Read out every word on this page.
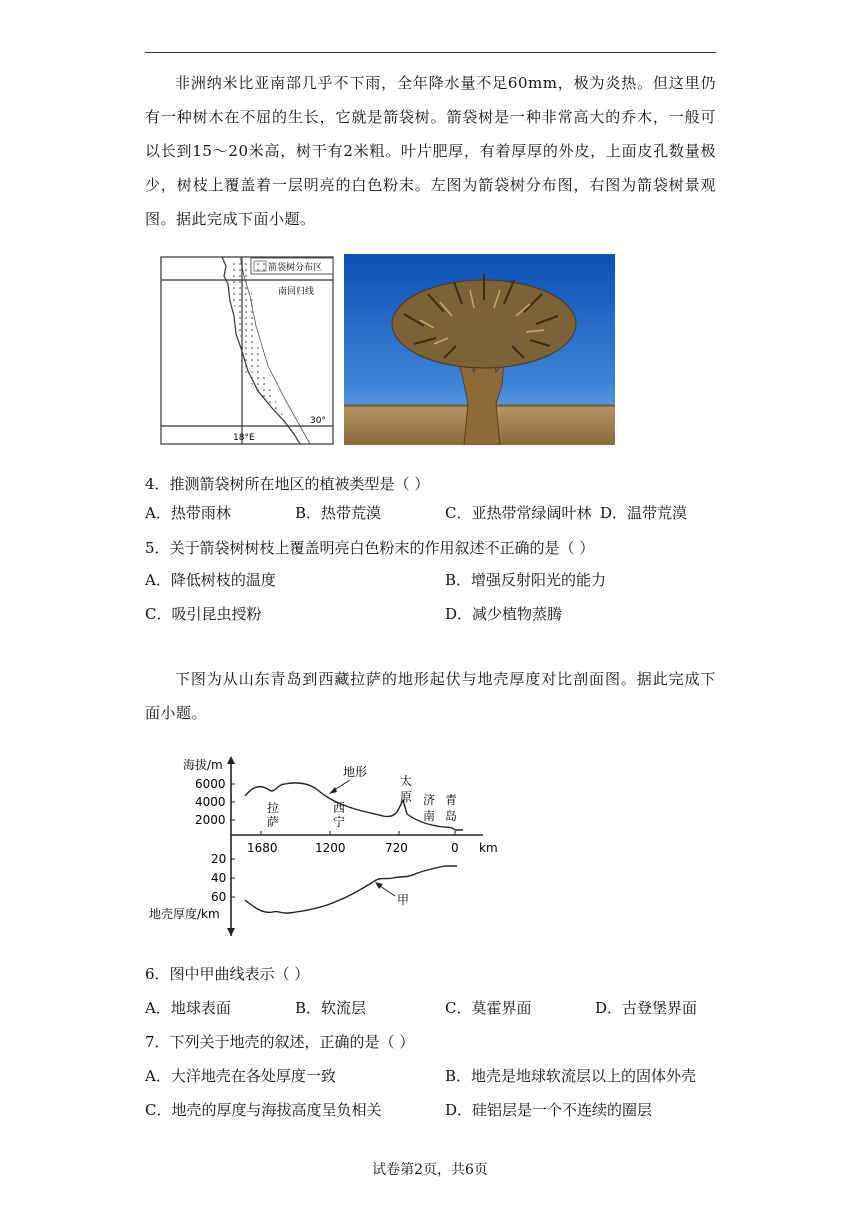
非洲纳米比亚南部几乎不下雨，全年降水量不足60mm，极为炎热。但这里仍有一种树木在不屈的生长，它就是箭袋树。箭袋树是一种非常高大的乔木，一般可以长到15～20米高，树干有2米粗。叶片肥厚，有着厚厚的外皮，上面皮孔数量极少，树枝上覆盖着一层明亮的白色粉末。左图为箭袋树分布图，右图为箭袋树景观图。据此完成下面小题。

箭袋树分布区
南回归线
30°
18°E
4．推测箭袋树所在地区的植被类型是（ ）
A．热带雨林	B．热带荒漠	C．亚热带常绿阔叶林 D．温带荒漠
5．关于箭袋树树枝上覆盖明亮白色粉末的作用叙述不正确的是（ ）
A．降低树枝的温度	B．增强反射阳光的能力
C．吸引昆虫授粉	D．减少植物蒸腾

下图为从山东青岛到西藏拉萨的地形起伏与地壳厚度对比剖面图。据此完成下面小题。

海拔/m
6000
4000
2000
1680	1200	720	0 km
20
40
60
地壳厚度/km
地形
甲
拉
萨
西
宁
太
原 济
南
青
岛
6．图中甲曲线表示（ ）
A．地球表面	B．软流层	C．莫霍界面	D．古登堡界面
7．下列关于地壳的叙述，正确的是（ ）
A．大洋地壳在各处厚度一致	B．地壳是地球软流层以上的固体外壳
C．地壳的厚度与海拔高度呈负相关	D．硅铝层是一个不连续的圈层
试卷第2页，共6页
